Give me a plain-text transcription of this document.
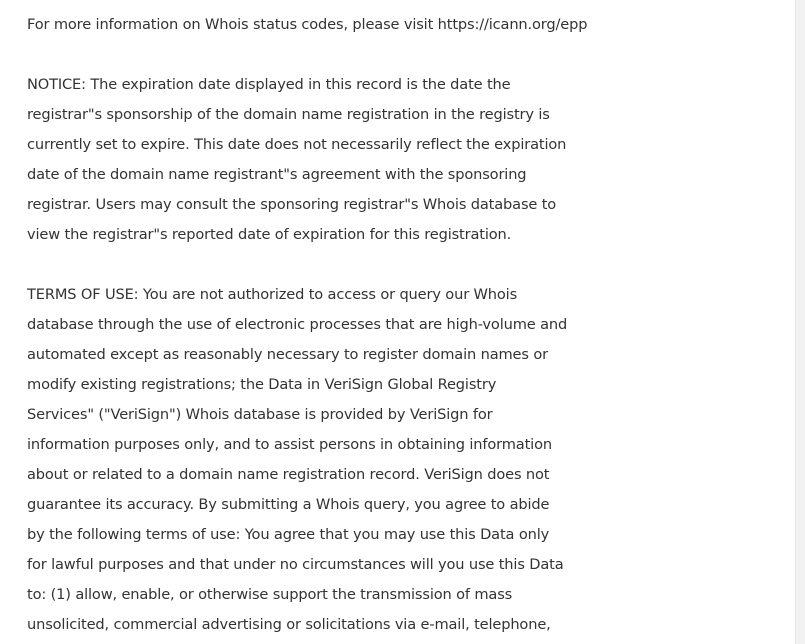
For more information on Whois status codes, please visit https://icann.org/epp
NOTICE: The expiration date displayed in this record is the date the
registrar"s sponsorship of the domain name registration in the registry is
currently set to expire. This date does not necessarily reflect the expiration
date of the domain name registrant"s agreement with the sponsoring
registrar. Users may consult the sponsoring registrar"s Whois database to
view the registrar"s reported date of expiration for this registration.
TERMS OF USE: You are not authorized to access or query our Whois
database through the use of electronic processes that are high-volume and
automated except as reasonably necessary to register domain names or
modify existing registrations; the Data in VeriSign Global Registry
Services" ("VeriSign") Whois database is provided by VeriSign for
information purposes only, and to assist persons in obtaining information
about or related to a domain name registration record. VeriSign does not
guarantee its accuracy. By submitting a Whois query, you agree to abide
by the following terms of use: You agree that you may use this Data only
for lawful purposes and that under no circumstances will you use this Data
to: (1) allow, enable, or otherwise support the transmission of mass
unsolicited, commercial advertising or solicitations via e-mail, telephone,
